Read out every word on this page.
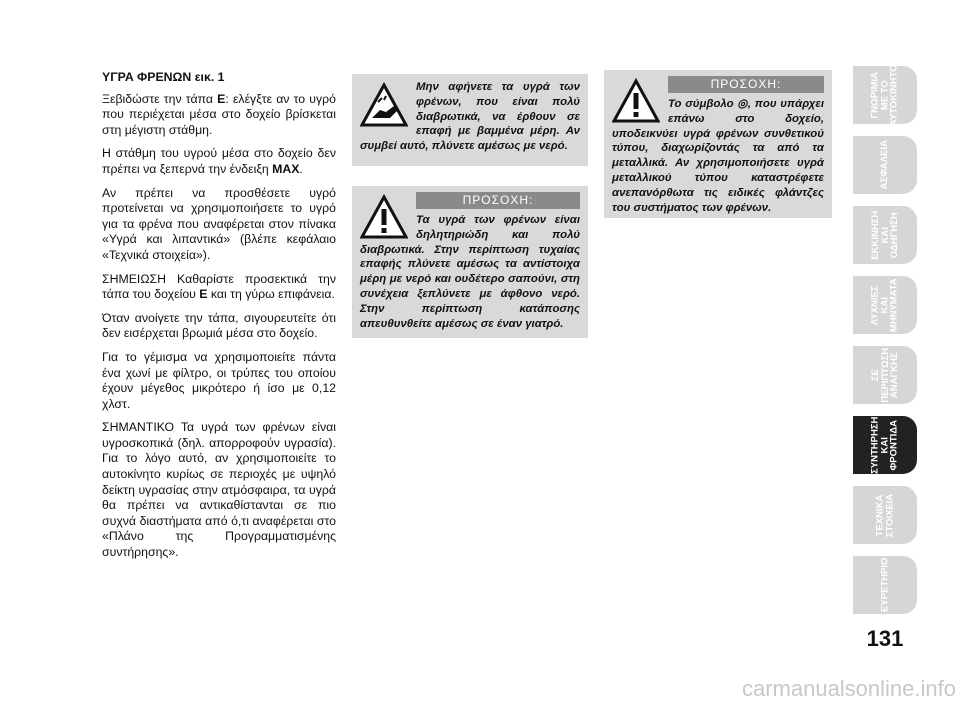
ΥΓΡΑ ΦΡΕΝΩΝ εικ. 1

Ξεβιδώστε την τάπα E: ελέγξτε αν το υγρό που περιέχεται μέσα στο δοχείο βρίσκεται στη μέγιστη στάθμη.

Η στάθμη του υγρού μέσα στο δοχείο δεν πρέπει να ξεπερνά την ένδειξη MAX.

Αν πρέπει να προσθέσετε υγρό προτείνεται να χρησιμοποιήσετε το υγρό για τα φρένα που αναφέρεται στον πίνακα «Υγρά και λιπαντικά» (βλέπε κεφάλαιο «Τεχνικά στοιχεία»).

ΣΗΜΕΙΩΣΗ Καθαρίστε προσεκτικά την τάπα του δοχείου E και τη γύρω επιφάνεια.

Όταν ανοίγετε την τάπα, σιγουρευτείτε ότι δεν εισέρχεται βρωμιά μέσα στο δοχείο.

Για το γέμισμα να χρησιμοποιείτε πάντα ένα χωνί με φίλτρο, οι τρύπες του οποίου έχουν μέγεθος μικρότερο ή ίσο με 0,12 χλστ.

ΣΗΜΑΝΤΙΚΟ Τα υγρά των φρένων είναι υγροσκοπικά (δηλ. απορροφούν υγρασία). Για το λόγο αυτό, αν χρησιμοποιείτε το αυτοκίνητο κυρίως σε περιοχές με υψηλό δείκτη υγρασίας στην ατμόσφαιρα, τα υγρά θα πρέπει να αντικαθίστανται σε πιο συχνά διαστήματα από ό,τι αναφέρεται στο «Πλάνο της Προγραμματισμένης συντήρησης».

Μην αφήνετε τα υγρά των φρένων, που είναι πολύ διαβρωτικά, να έρθουν σε επαφή με βαμμένα μέρη. Αν συμβεί αυτό, πλύνετε αμέσως με νερό.
ΠΡΟΣΟΧΗ:
Τα υγρά των φρένων είναι δηλητηριώδη και πολύ διαβρωτικά. Στην περίπτωση τυχαίας επαφής πλύνετε αμέσως τα αντίστοιχα μέρη με νερό και ουδέτερο σαπούνι, στη συνέχεια ξεπλύνετε με άφθονο νερό. Στην περίπτωση κατάποσης απευθυνθείτε αμέσως σε έναν γιατρό.
ΠΡΟΣΟΧΗ:
Το σύμβολο ◎, που υπάρχει επάνω στο δοχείο, υποδεικνύει υγρά φρένων συνθετικού τύπου, διαχωρίζοντάς τα από τα μεταλλικά. Αν χρησιμοποιήσετε υγρά μεταλλικού τύπου καταστρέφετε ανεπανόρθωτα τις ειδικές φλάντζες του συστήματος των φρένων.
ΓΝΩΡΙΜΙΑ
ΜΕ ΤΟ
ΑΥΤΟΚΙΝΗΤΟ
ΑΣΦΑΛΕΙΑ
ΕΚΚΙΝΗΣΗ
ΚΑΙ
ΟΔΗΓΗΣΗ
ΛΥΧΝΙΕΣ
ΚΑΙ
ΜΗΝΥΜΑΤΑ
ΣΕ
ΠΕΡΙΠΤΩΣΗ
ΑΝΑΓΚΗΣ
ΣΥΝΤΗΡΗΣΗ
ΚΑΙ
ΦΡΟΝΤΙΔΑ
ΤΕΧΝΙΚΑ
ΣΤΟΙΧΕΙΑ
ΕΥΡΕΤΗΡΙΟ
131
carmanualsonline.info
